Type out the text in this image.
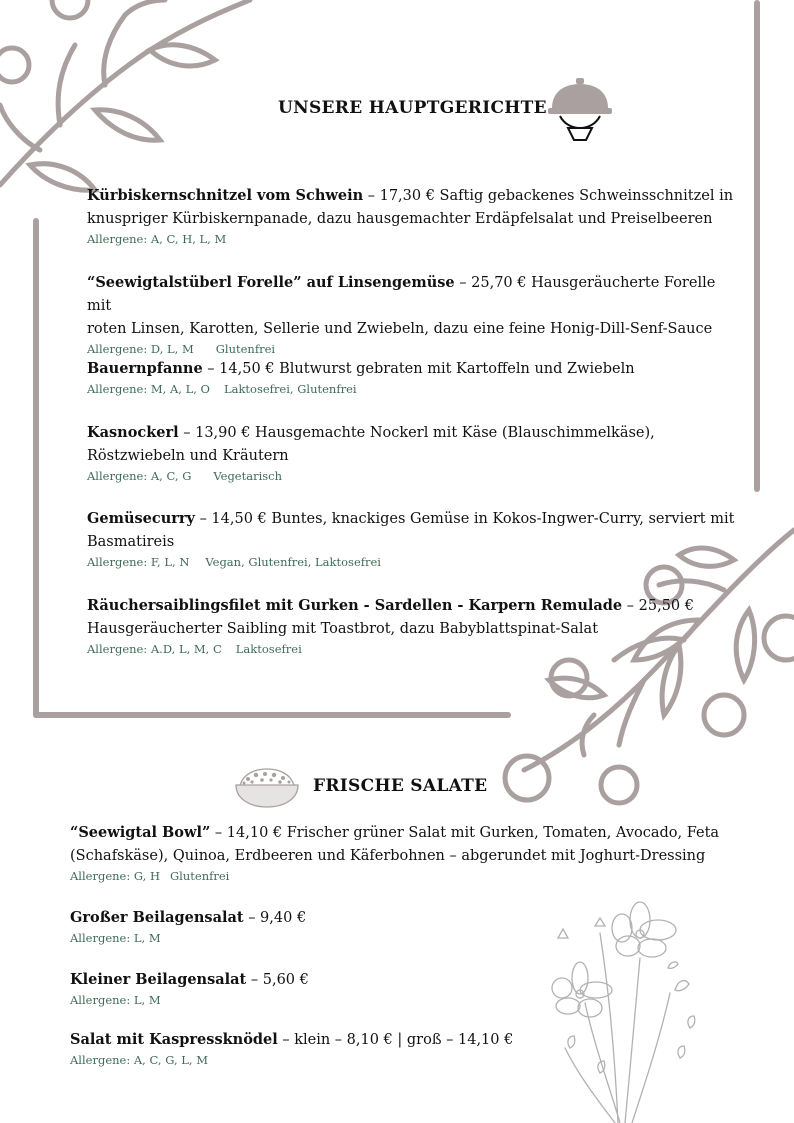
UNSERE HAUPTGERICHTE
Kürbiskernschnitzel vom Schwein – 17,30 € Saftig gebackenes Schweinsschnitzel in
knuspriger Kürbiskernpanade, dazu hausgemachter Erdäpfelsalat und Preiselbeeren
Allergene: A, C, H, L, M
“Seewigtalstüberl Forelle” auf Linsengemüse – 25,70 € Hausgeräucherte Forelle mit
roten Linsen, Karotten, Sellerie und Zwiebeln, dazu eine feine Honig-Dill-Senf-Sauce
Allergene: D, L, M Glutenfrei
Bauernpfanne – 14,50 € Blutwurst gebraten mit Kartoffeln und Zwiebeln
Allergene: M, A, L, O Laktosefrei, Glutenfrei
Kasnockerl – 13,90 € Hausgemachte Nockerl mit Käse (Blauschimmelkäse),
Röstzwiebeln und Kräutern
Allergene: A, C, G Vegetarisch
Gemüsecurry – 14,50 € Buntes, knackiges Gemüse in Kokos-Ingwer-Curry, serviert mit
Basmatireis
Allergene: F, L, N Vegan, Glutenfrei, Laktosefrei
Räuchersaiblingsfilet mit Gurken - Sardellen - Karpern Remulade – 25,50 €
Hausgeräucherter Saibling mit Toastbrot, dazu Babyblattspinat-Salat
Allergene: A.D, L, M, C Laktosefrei
FRISCHE SALATE
“Seewigtal Bowl” – 14,10 € Frischer grüner Salat mit Gurken, Tomaten, Avocado, Feta
(Schafskäse), Quinoa, Erdbeeren und Käferbohnen – abgerundet mit Joghurt-Dressing
Allergene: G, H Glutenfrei
Großer Beilagensalat – 9,40 €
Allergene: L, M
Kleiner Beilagensalat – 5,60 €
Allergene: L, M
Salat mit Kaspressknödel – klein – 8,10 € | groß – 14,10 €
Allergene: A, C, G, L, M
